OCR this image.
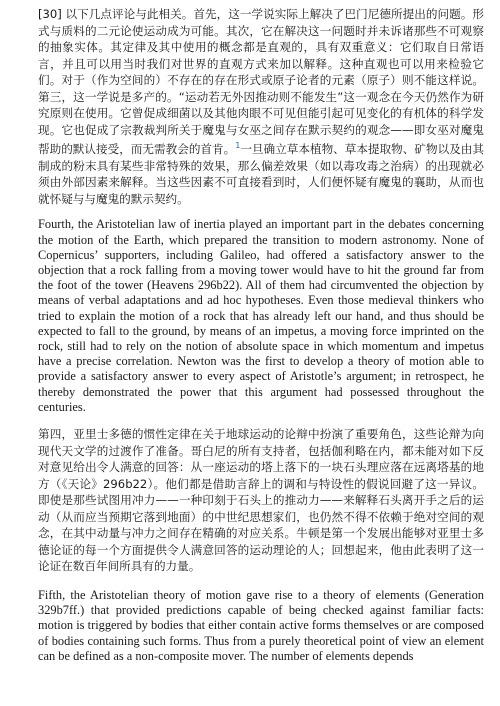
[30] 以下几点评论与此相关。首先，这一学说实际上解决了巴门尼德所提出的问题。形式与质料的二元论使运动成为可能。其次，它在解决这一问题时并未诉诸那些不可观察的抽象实体。其定律及其中使用的概念都是直观的，具有双重意义：它们取自日常语言，并且可以用当时我们对世界的直观方式来加以解释。这种直观也可以用来检验它们。对于（作为空间的）不存在的存在形式或原子论者的元素（原子）则不能这样说。第三，这一学说是多产的。“运动若无外因推动则不能发生”这一观念在今天仍然作为研究原则在使用。它曾促成细菌以及其他肉眼不可见但能引起可见变化的有机体的科学发现。它也促成了宗教裁判所关于魔鬼与女巫之间存在默示契约的观念——即女巫对魔鬼帮助的默认接受，而无需教会的首肯。$^1$一旦确立草本植物、草本提取物、矿物以及由其制成的粉末具有某些非常特殊的效果，那么偏差效果（如以毒攻毒之治病）的出现就必须由外部因素来解释。当这些因素不可直接看到时，人们便怀疑有魔鬼的襄助，从而也就怀疑与与魔鬼的默示契约。

Fourth, the Aristotelian law of inertia played an important part in the debates concerning the motion of the Earth, which prepared the transition to modern astronomy. None of Copernicus’ supporters, including Galileo, had offered a satisfactory answer to the objection that a rock falling from a moving tower would have to hit the ground far from the foot of the tower (Heavens 296b22). All of them had circumvented the objection by means of verbal adaptations and ad hoc hypotheses. Even those medieval thinkers who tried to explain the motion of a rock that has already left our hand, and thus should be expected to fall to the ground, by means of an impetus, a moving force imprinted on the rock, still had to rely on the notion of absolute space in which momentum and impetus have a precise correlation. Newton was the first to develop a theory of motion able to provide a satisfactory answer to every aspect of Aristotle’s argument; in retrospect, he thereby demonstrated the power that this argument had possessed throughout the centuries.

第四，亚里士多德的惯性定律在关于地球运动的论辩中扮演了重要角色，这些论辩为向现代天文学的过渡作了准备。哥白尼的所有支持者，包括伽利略在内，都未能对如下反对意见给出令人满意的回答：从一座运动的塔上落下的一块石头理应落在远离塔基的地方（《天论》296b22）。他们都是借助言辞上的调和与特设性的假说回避了这一异议。即使是那些试图用冲力——一种印刻于石头上的推动力——来解释石头离开手之后的运动（从而应当预期它落到地面）的中世纪思想家们，也仍然不得不依赖于绝对空间的观念，在其中动量与冲力之间存在精确的对应关系。牛顿是第一个发展出能够对亚里士多德论证的每一个方面提供令人满意回答的运动理论的人；回想起来，他由此表明了这一论证在数百年间所具有的力量。

Fifth, the Aristotelian theory of motion gave rise to a theory of elements (Generation 329b7ff.) that provided predictions capable of being checked against familiar facts: motion is triggered by bodies that either contain active forms themselves or are composed of bodies containing such forms. Thus from a purely theoretical point of view an element can be defined as a non-composite mover. The number of elements depends
